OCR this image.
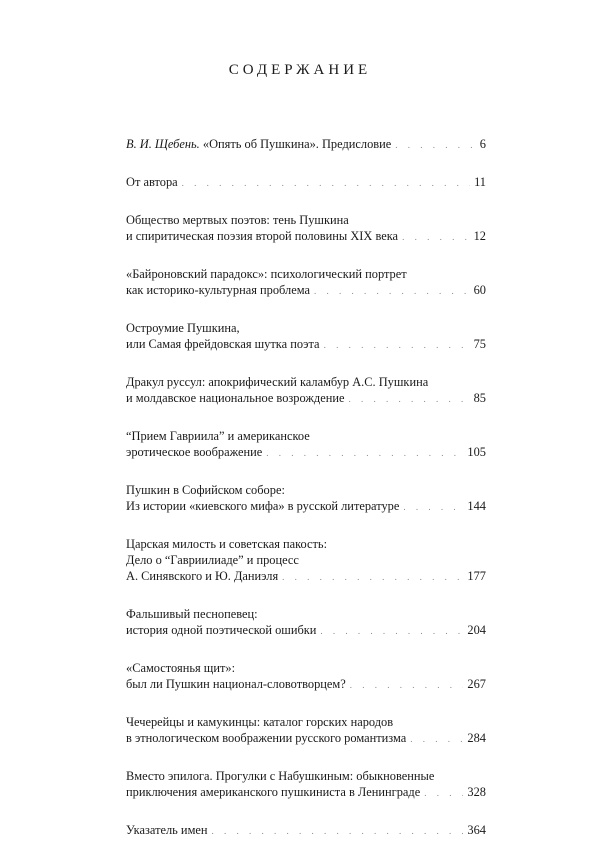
СОДЕРЖАНИЕ
В. И. Щебень. «Опять об Пушкина». Предисловие . . .	6
От автора . . .	11
Общество мертвых поэтов: тень Пушкина
и спиритическая поэзия второй половины XIX века . . .	12
«Байроновский парадокс»: психологический портрет
как историко-культурная проблема . . .	60
Остроумие Пушкина,
или Самая фрейдовская шутка поэта . . .	75
Дракул руссул: апокрифический каламбур А.С. Пушкина
и молдавское национальное возрождение . . .	85
“Прием Гавриила” и американское
эротическое воображение . . .	105
Пушкин в Софийском соборе:
Из истории «киевского мифа» в русской литературе . . .	144
Царская милость и советская пакость:
Дело о “Гавриилиаде” и процесс
А. Синявского и Ю. Даниэля . . .	177
Фальшивый песнопевец:
история одной поэтической ошибки . . .	204
«Самостоянья щит»:
был ли Пушкин национал-словотворцем? . . .	267
Чечерейцы и камукинцы: каталог горских народов
в этнологическом воображении русского романтизма . . .	284
Вместо эпилога. Прогулки с Набушкиным: обыкновенные
приключения американского пушкиниста в Ленинграде . . .	328
Указатель имен . . .	364
